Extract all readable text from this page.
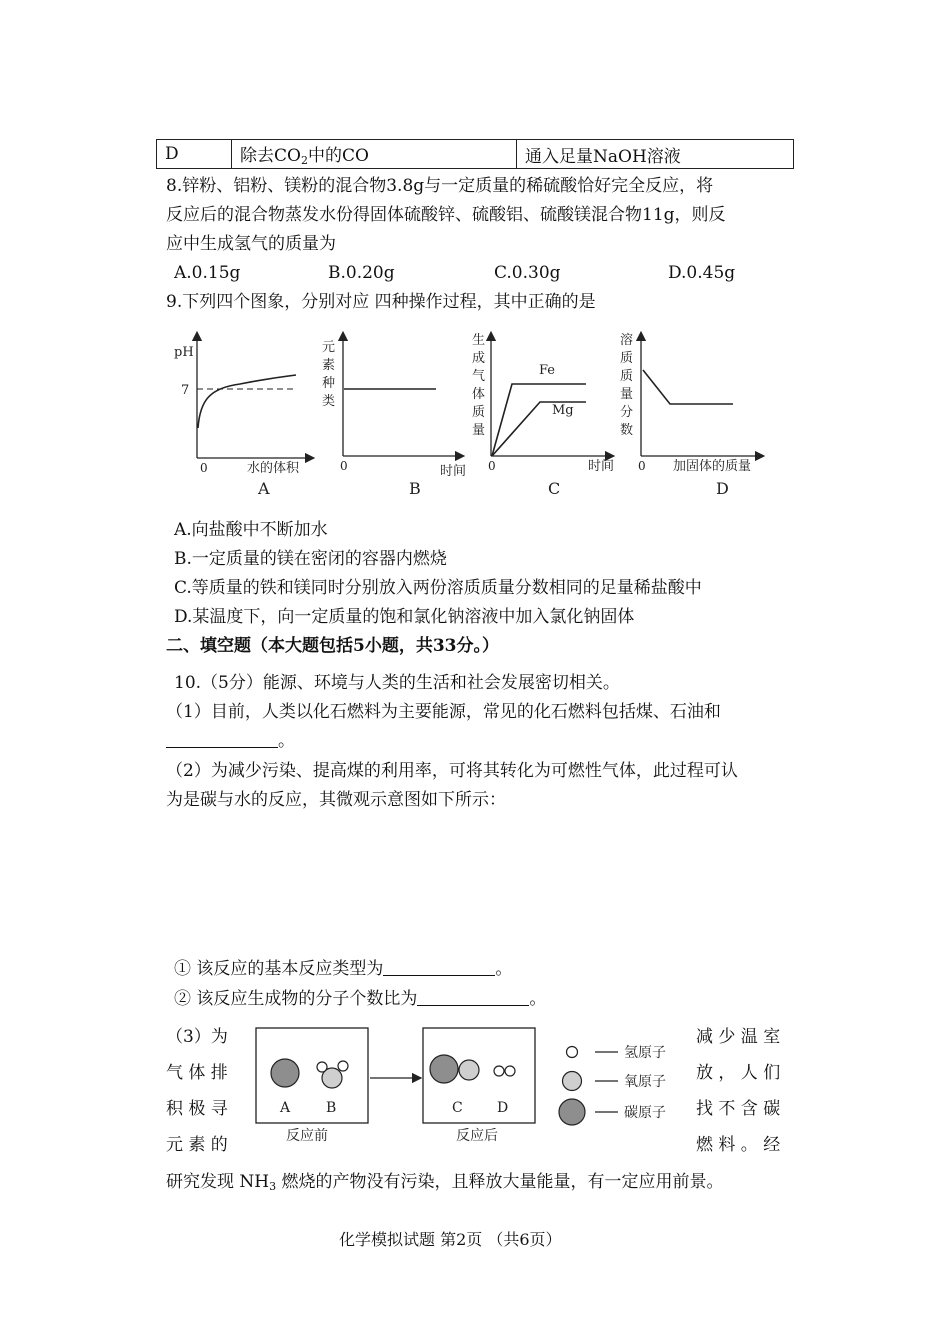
D	除去$CO_2$中的CO	通入足量NaOH溶液
8.锌粉、铝粉、镁粉的混合物3.8g与一定质量的稀硫酸恰好完全反应，将
反应后的混合物蒸发水份得固体硫酸锌、硫酸铝、硫酸镁混合物11g，则反
应中生成氢气的质量为
A.0.15g	B.0.20g	C.0.30g	D.0.45g
9.下列四个图象，分别对应 四种操作过程，其中正确的是
pH
7
0	水的体积
A
元
素
种
类
0	时间
B
生
成
气
体
质
量
Fe
Mg
0	时间
C
溶
质
质
量
分
数
0 加固体的质量
D
A.向盐酸中不断加水
B.一定质量的镁在密闭的容器内燃烧
C.等质量的铁和镁同时分别放入两份溶质质量分数相同的足量稀盐酸中
D.某温度下，向一定质量的饱和氯化钠溶液中加入氯化钠固体
二、填空题（本大题包括5小题，共33分。）
10.（5分）能源、环境与人类的生活和社会发展密切相关。
（1）目前，人类以化石燃料为主要能源，常见的化石燃料包括煤、石油和
。
（2）为减少污染、提高煤的利用率，可将其转化为可燃性气体，此过程可认
为是碳与水的反应，其微观示意图如下所示：
① 该反应的基本反应类型为	。
② 该反应生成物的分子个数比为	。
（3）为
气 体 排
积 极 寻
元 素 的
减 少 温 室
放 ， 人 们
找 不 含 碳
燃 料 。 经
A	B
反应前
C D
反应后
氢原子
氧原子
碳原子
研究发现 $NH_3$ 燃烧的产物没有污染，且释放大量能量，有一定应用前景。
化学模拟试题 第2页 （共6页）
